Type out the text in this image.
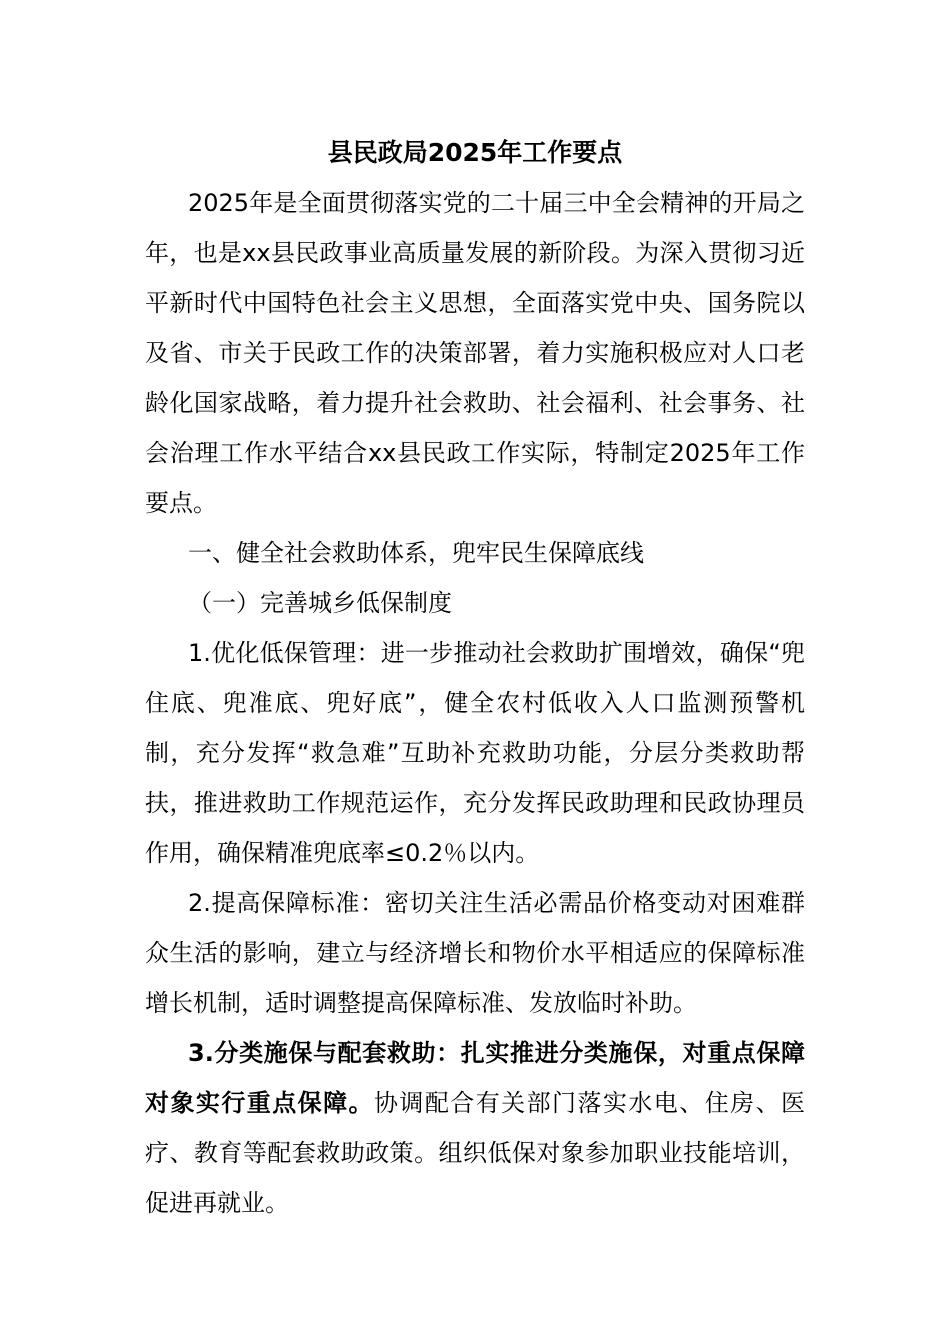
县民政局2025年工作要点

2025年是全面贯彻落实党的二十届三中全会精神的开局之年，也是xx县民政事业高质量发展的新阶段。为深入贯彻习近平新时代中国特色社会主义思想，全面落实党中央、国务院以及省、市关于民政工作的决策部署，着力实施积极应对人口老龄化国家战略，着力提升社会救助、社会福利、社会事务、社会治理工作水平结合xx县民政工作实际，特制定2025年工作要点。

一、健全社会救助体系，兜牢民生保障底线

（一）完善城乡低保制度

1.优化低保管理：进一步推动社会救助扩围增效，确保“兜住底、兜准底、兜好底”，健全农村低收入人口监测预警机制，充分发挥“救急难”互助补充救助功能，分层分类救助帮扶，推进救助工作规范运作，充分发挥民政助理和民政协理员作用，确保精准兜底率≤0.2％以内。

2.提高保障标准：密切关注生活必需品价格变动对困难群众生活的影响，建立与经济增长和物价水平相适应的保障标准增长机制，适时调整提高保障标准、发放临时补助。

3.分类施保与配套救助：扎实推进分类施保，对重点保障对象实行重点保障。协调配合有关部门落实水电、住房、医疗、教育等配套救助政策。组织低保对象参加职业技能培训，促进再就业。
